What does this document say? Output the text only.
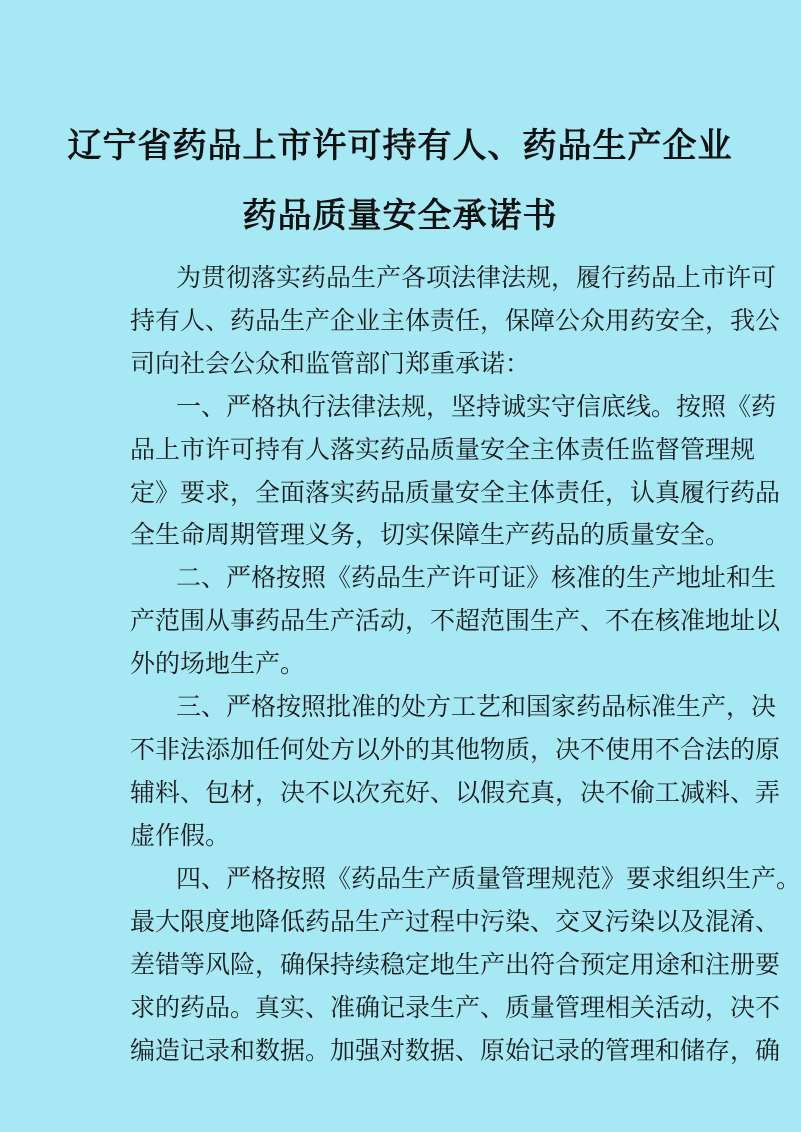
辽宁省药品上市许可持有人、药品生产企业
药品质量安全承诺书
为贯彻落实药品生产各项法律法规，履行药品上市许可
持有人、药品生产企业主体责任，保障公众用药安全，我公
司向社会公众和监管部门郑重承诺：
一、严格执行法律法规，坚持诚实守信底线。按照《药
品上市许可持有人落实药品质量安全主体责任监督管理规
定》要求，全面落实药品质量安全主体责任，认真履行药品
全生命周期管理义务，切实保障生产药品的质量安全。
二、严格按照《药品生产许可证》核准的生产地址和生
产范围从事药品生产活动，不超范围生产、不在核准地址以
外的场地生产。
三、严格按照批准的处方工艺和国家药品标准生产，决
不非法添加任何处方以外的其他物质，决不使用不合法的原
辅料、包材，决不以次充好、以假充真，决不偷工减料、弄
虚作假。
四、严格按照《药品生产质量管理规范》要求组织生产。
最大限度地降低药品生产过程中污染、交叉污染以及混淆、
差错等风险，确保持续稳定地生产出符合预定用途和注册要
求的药品。真实、准确记录生产、质量管理相关活动，决不
编造记录和数据。加强对数据、原始记录的管理和储存，确
